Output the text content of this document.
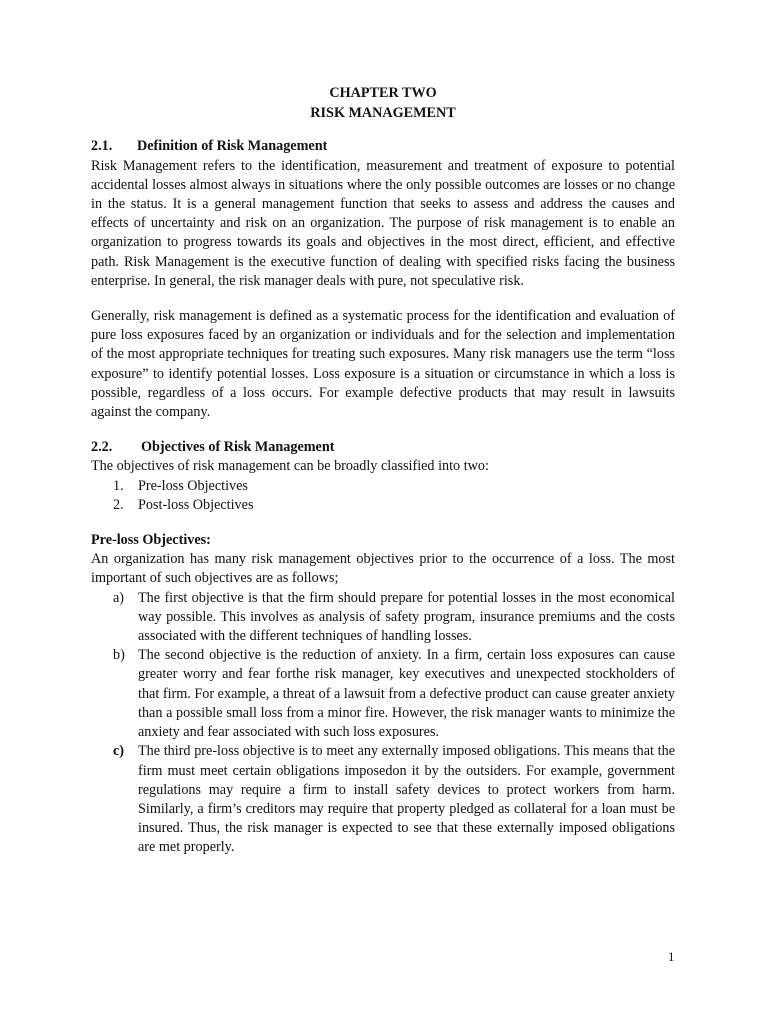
CHAPTER TWO

RISK MANAGEMENT

2.1. Definition of Risk Management

Risk Management refers to the identification, measurement and treatment of exposure to potential accidental losses almost always in situations where the only possible outcomes are losses or no change in the status. It is a general management function that seeks to assess and address the causes and effects of uncertainty and risk on an organization. The purpose of risk management is to enable an organization to progress towards its goals and objectives in the most direct, efficient, and effective path. Risk Management is the executive function of dealing with specified risks facing the business enterprise. In general, the risk manager deals with pure, not speculative risk.

Generally, risk management is defined as a systematic process for the identification and evaluation of pure loss exposures faced by an organization or individuals and for the selection and implementation of the most appropriate techniques for treating such exposures. Many risk managers use the term “loss exposure” to identify potential losses. Loss exposure is a situation or circumstance in which a loss is possible, regardless of a loss occurs. For example defective products that may result in lawsuits against the company.

2.2. Objectives of Risk Management

The objectives of risk management can be broadly classified into two:

1. Pre-loss Objectives
2. Post-loss Objectives

Pre-loss Objectives:

An organization has many risk management objectives prior to the occurrence of a loss. The most important of such objectives are as follows;

a) The first objective is that the firm should prepare for potential losses in the most economical way possible. This involves as analysis of safety program, insurance premiums and the costs associated with the different techniques of handling losses.
b) The second objective is the reduction of anxiety. In a firm, certain loss exposures can cause greater worry and fear forthe risk manager, key executives and unexpected stockholders of that firm. For example, a threat of a lawsuit from a defective product can cause greater anxiety than a possible small loss from a minor fire. However, the risk manager wants to minimize the anxiety and fear associated with such loss exposures.
c) The third pre-loss objective is to meet any externally imposed obligations. This means that the firm must meet certain obligations imposedon it by the outsiders. For example, government regulations may require a firm to install safety devices to protect workers from harm. Similarly, a firm’s creditors may require that property pledged as collateral for a loan must be insured. Thus, the risk manager is expected to see that these externally imposed obligations are met properly.
1
